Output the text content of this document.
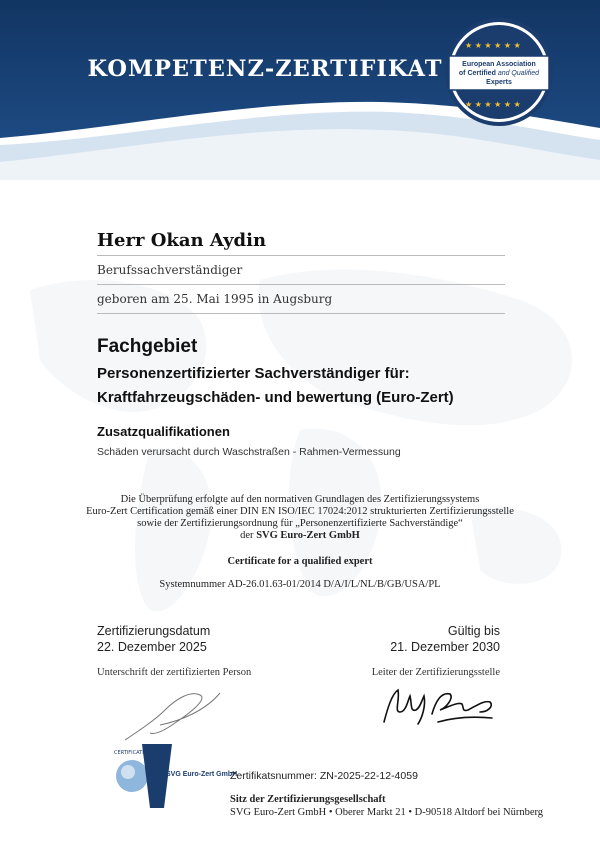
KOMPETENZ-ZERTIFIKAT
★ ★ ★ ★ ★ ★
★ ★ ★ ★ ★ ★
European Association
of Certified and Qualified
Experts
Herr Okan Aydin
Berufssachverständiger
geboren am 25. Mai 1995 in Augsburg
Fachgebiet
Personenzertifizierter Sachverständiger für:
Kraftfahrzeugschäden- und bewertung (Euro-Zert)
Zusatzqualifikationen
Schäden verursacht durch Waschstraßen - Rahmen-Vermessung
Die Überprüfung erfolgte auf den normativen Grundlagen des Zertifizierungssystems
Euro-Zert Certification gemäß einer DIN EN ISO/IEC 17024:2012 strukturierten Zertifizierungsstelle
sowie der Zertifizierungsordnung für „Personenzertifizierte Sachverständige“
der SVG Euro-Zert GmbH
Certificate for a qualified expert
Systemnummer AD-26.01.63-01/2014 D/A/I/L/NL/B/GB/USA/PL
Zertifizierungsdatum
22. Dezember 2025
Gültig bis
21. Dezember 2030
Unterschrift der zertifizierten Person	Leiter der Zertifizierungsstelle
CERTIFICATION
SVG Euro-Zert GmbH
Zertifikatsnummer: ZN-2025-22-12-4059
Sitz der Zertifizierungsgesellschaft
SVG Euro-Zert GmbH • Oberer Markt 21 • D-90518 Altdorf bei Nürnberg
